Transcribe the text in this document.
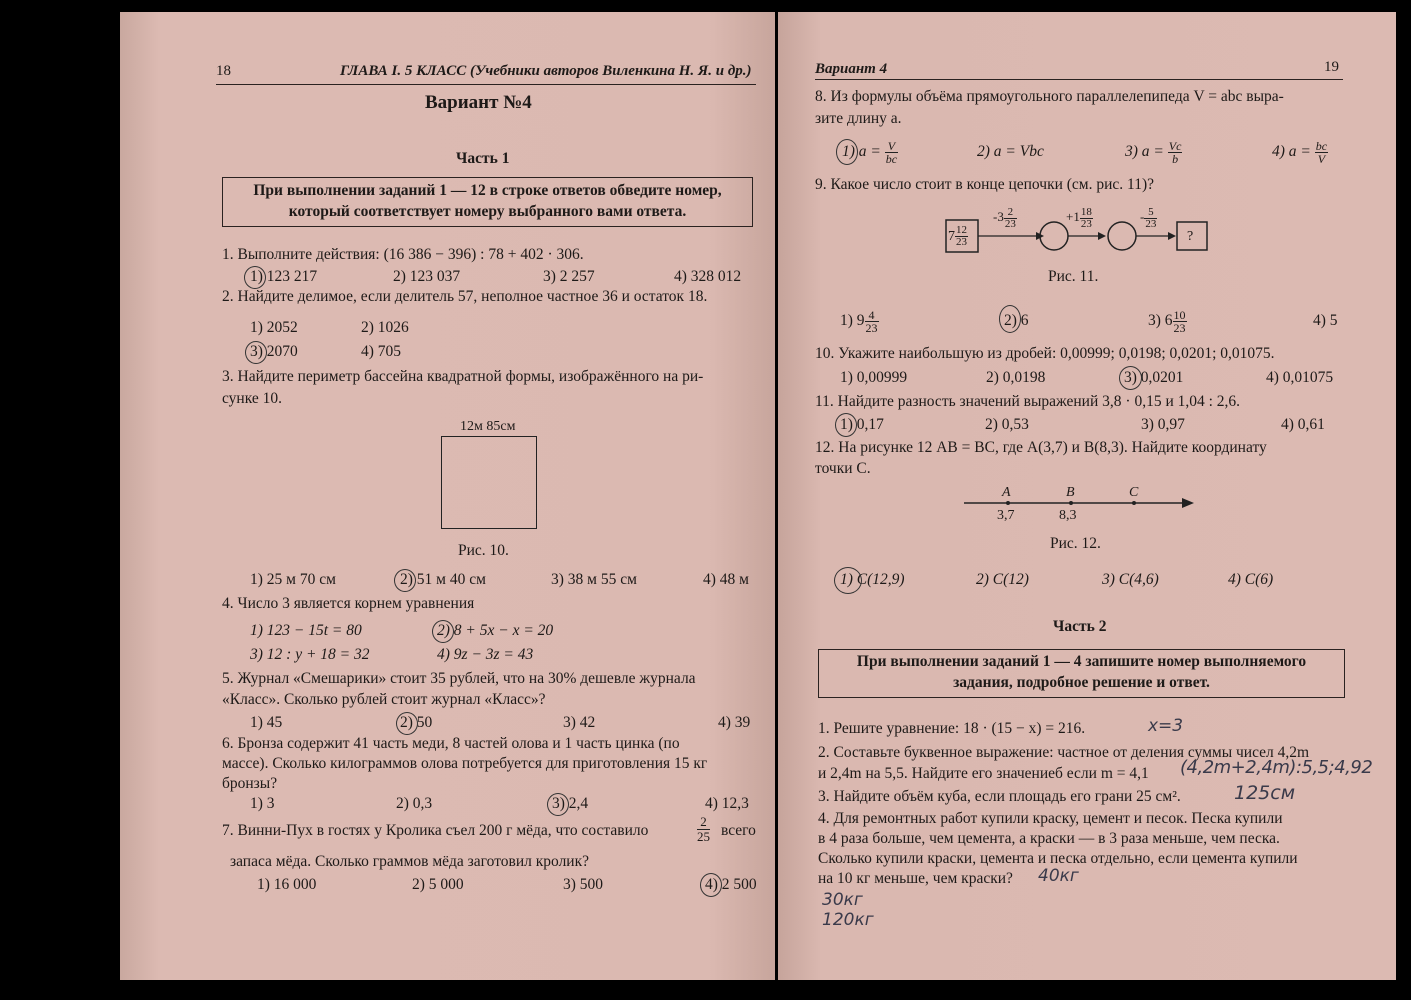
18	ГЛАВА I. 5 КЛАСС (Учебники авторов Виленкина Н. Я. и др.)
Вариант №4
Часть 1
При выполнении заданий 1 — 12 в строке ответов обведите номер,
который соответствует номеру выбранного вами ответа.
1. Выполните действия: (16 386 − 396) : 78 + 402 · 306.
1) 123 217	2) 123 037	3) 2 257	4) 328 012
2. Найдите делимое, если делитель 57, неполное частное 36 и остаток 18.
1) 2052	2) 1026
3) 2070	4) 705
3. Найдите периметр бассейна квадратной формы, изображённого на ри-
сунке 10.
12м 85см
Рис. 10.
1) 25 м 70 см	2) 51 м 40 см	3) 38 м 55 см	4) 48 м
4. Число 3 является корнем уравнения
1) 123 − 15t = 80	2) 8 + 5x − x = 20
3) 12 : y + 18 = 32	4) 9z − 3z = 43
5. Журнал «Смешарики» стоит 35 рублей, что на 30% дешевле журнала
«Класс». Сколько рублей стоит журнал «Класс»?
1) 45	2) 50	3) 42	4) 39
6. Бронза содержит 41 часть меди, 8 частей олова и 1 часть цинка (по
массе). Сколько килограммов олова потребуется для приготовления 15 кг
бронзы?
1) 3	2) 0,3	3) 2,4	4) 12,3
7. Винни-Пух в гостях у Кролика съел 200 г мёда, что составило	$\frac{2}{25}$ всего
запаса мёда. Сколько граммов мёда заготовил кролик?
1) 16 000	2) 5 000	3) 500	4) 2 500
Вариант 4	19
8. Из формулы объёма прямоугольного параллелепипеда V = abc выра-
зите длину a.
1) $a = \frac{V}{bc}$	2) a = Vbc	3) $a = \frac{Vc}{b}$	4) $a = \frac{bc}{V}$
9. Какое число стоит в конце цепочки (см. рис. 11)?
$7 \frac{12}{23}$
$-3 \frac{2}{23}$	$+1 \frac{18}{23}$	- $\frac{5}{23}$
?
Рис. 11.
1) $9 \frac{4}{23}$	2) 6	3) $6 \frac{10}{23}$	4) 5
10. Укажите наибольшую из дробей: 0,00999; 0,0198; 0,0201; 0,01075.
1) 0,00999	2) 0,0198	3) 0,0201	4) 0,01075
11. Найдите разность значений выражений 3,8 · 0,15 и 1,04 : 2,6.
1) 0,17	2) 0,53	3) 0,97	4) 0,61
12. На рисунке 12 AB = BC, где A(3,7) и B(8,3). Найдите координату
точки C.
A	B	C
3,7	8,3
Рис. 12.
1) C(12,9)	2) C(12)	3) C(4,6)	4) C(6)
Часть 2
При выполнении заданий 1 — 4 запишите номер выполняемого
задания, подробное решение и ответ.
1. Решите уравнение: 18 · (15 − x) = 216.
2. Составьте буквенное выражение: частное от деления суммы чисел 4,2m
и 2,4m на 5,5. Найдите его значениеб если m = 4,1
3. Найдите объём куба, если площадь его грани 25 см².
4. Для ремонтных работ купили краску, цемент и песок. Песка купили
в 4 раза больше, чем цемента, а краски — в 3 раза меньше, чем песка.
Сколько купили краски, цемента и песка отдельно, если цемента купили
на 10 кг меньше, чем краски?
x=3
(4,2m+2,4m):5,5;4,92
125см
40кг
30кг
120кг
